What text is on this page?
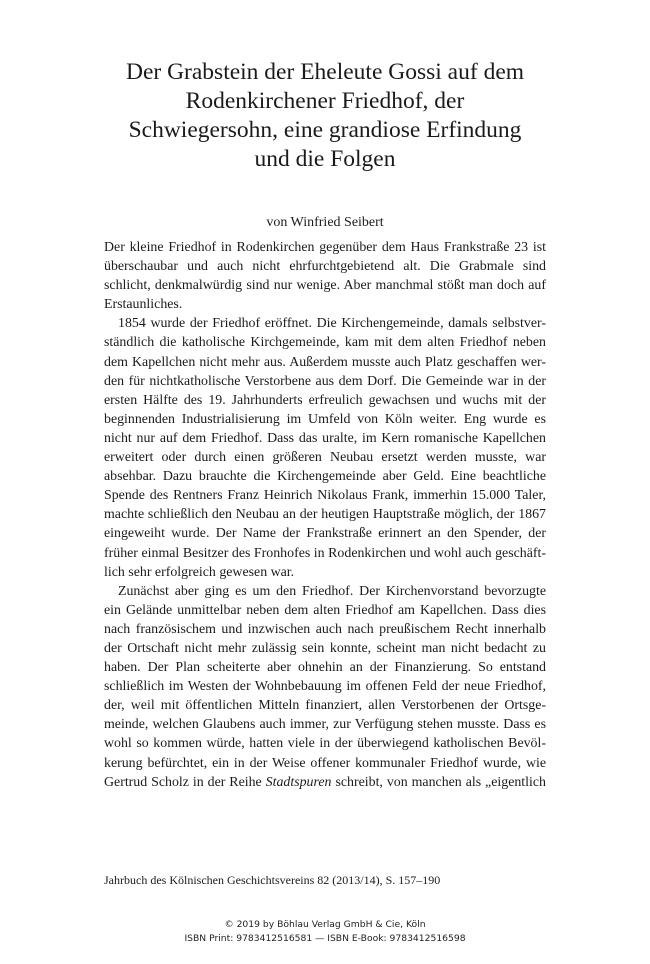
Der Grabstein der Eheleute Gossi auf dem
Rodenkirchener Friedhof, der
Schwiegersohn, eine grandiose Erfindung
und die Folgen
von Winfried Seibert

Der kleine Friedhof in Rodenkirchen gegenüber dem Haus Frankstraße 23 ist
überschaubar und auch nicht ehrfurchtgebietend alt. Die Grabmale sind
schlicht, denkmalwürdig sind nur wenige. Aber manchmal stößt man doch auf
Erstaunliches.

1854 wurde der Friedhof eröffnet. Die Kirchengemeinde, damals selbstver-
ständlich die katholische Kirchgemeinde, kam mit dem alten Friedhof neben
dem Kapellchen nicht mehr aus. Außerdem musste auch Platz geschaffen wer-
den für nichtkatholische Verstorbene aus dem Dorf. Die Gemeinde war in der
ersten Hälfte des 19. Jahrhunderts erfreulich gewachsen und wuchs mit der
beginnenden Industrialisierung im Umfeld von Köln weiter. Eng wurde es
nicht nur auf dem Friedhof. Dass das uralte, im Kern romanische Kapellchen
erweitert oder durch einen größeren Neubau ersetzt werden musste, war
absehbar. Dazu brauchte die Kirchengemeinde aber Geld. Eine beachtliche
Spende des Rentners Franz Heinrich Nikolaus Frank, immerhin 15.000 Taler,
machte schließlich den Neubau an der heutigen Hauptstraße möglich, der 1867
eingeweiht wurde. Der Name der Frankstraße erinnert an den Spender, der
früher einmal Besitzer des Fronhofes in Rodenkirchen und wohl auch geschäft-
lich sehr erfolgreich gewesen war.

Zunächst aber ging es um den Friedhof. Der Kirchenvorstand bevorzugte
ein Gelände unmittelbar neben dem alten Friedhof am Kapellchen. Dass dies
nach französischem und inzwischen auch nach preußischem Recht innerhalb
der Ortschaft nicht mehr zulässig sein konnte, scheint man nicht bedacht zu
haben. Der Plan scheiterte aber ohnehin an der Finanzierung. So entstand
schließlich im Westen der Wohnbebauung im offenen Feld der neue Friedhof,
der, weil mit öffentlichen Mitteln finanziert, allen Verstorbenen der Ortsge-
meinde, welchen Glaubens auch immer, zur Verfügung stehen musste. Dass es
wohl so kommen würde, hatten viele in der überwiegend katholischen Bevöl-
kerung befürchtet, ein in der Weise offener kommunaler Friedhof wurde, wie
Gertrud Scholz in der Reihe Stadtspuren schreibt, von manchen als „eigentlich

Jahrbuch des Kölnischen Geschichtsvereins 82 (2013/14), S. 157–190
© 2019 by Böhlau Verlag GmbH & Cie, Köln
ISBN Print: 9783412516581 — ISBN E-Book: 9783412516598
